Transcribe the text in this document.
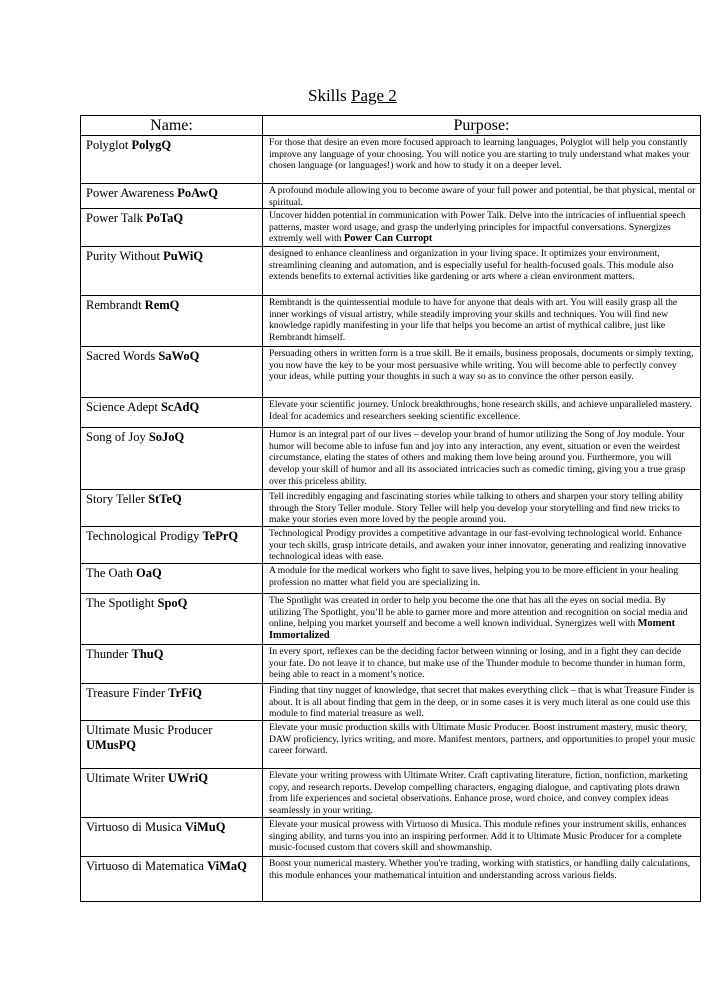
Skills Page 2
Name:	Purpose:
Polyglot PolygQ	For those that desire an even more focused approach to learning languages, Polyglot will help you constantly improve any language of your choosing. You will notice you are starting to truly understand what makes your chosen language (or languages!) work and how to study it on a deeper level.
Power Awareness PoAwQ	A profound module allowing you to become aware of your full power and potential, be that physical, mental or spiritual.
Power Talk PoTaQ	Uncover hidden potential in communication with Power Talk. Delve into the intricacies of influential speech patterns, master word usage, and grasp the underlying principles for impactful conversations. Synergizes extremly well with Power Can Curropt
Purity Without PuWiQ	designed to enhance cleanliness and organization in your living space. It optimizes your environment, streamlining cleaning and automation, and is especially useful for health-focused goals. This module also extends benefits to external activities like gardening or arts where a clean environment matters.
Rembrandt RemQ	Rembrandt is the quintessential module to have for anyone that deals with art. You will easily grasp all the inner workings of visual artistry, while steadily improving your skills and techniques. You will find new knowledge rapidly manifesting in your life that helps you become an artist of mythical calibre, just like Rembrandt himself.
Sacred Words SaWoQ	Persuading others in written form is a true skill. Be it emails, business proposals, documents or simply texting, you now have the key to be your most persuasive while writing. You will become able to perfectly convey your ideas, while putting your thoughts in such a way so as to convince the other person easily.
Science Adept ScAdQ	Elevate your scientific journey. Unlock breakthroughs, hone research skills, and achieve unparalleled mastery. Ideal for academics and researchers seeking scientific excellence.
Song of Joy SoJoQ	Humor is an integral part of our lives – develop your brand of humor utilizing the Song of Joy module. Your humor will become able to infuse fun and joy into any interaction, any event, situation or even the weirdest circumstance, elating the states of others and making them love being around you. Furthermore, you will develop your skill of humor and all its associated intricacies such as comedic timing, giving you a true grasp over this priceless ability.
Story Teller StTeQ	Tell incredibly engaging and fascinating stories while talking to others and sharpen your story telling ability through the Story Teller module. Story Teller will help you develop your storytelling and find new tricks to make your stories even more loved by the people around you.
Technological Prodigy TePrQ	Technological Prodigy provides a competitive advantage in our fast-evolving technological world. Enhance your tech skills, grasp intricate details, and awaken your inner innovator, generating and realizing innovative technological ideas with ease.
The Oath OaQ	A module for the medical workers who fight to save lives, helping you to be more efficient in your healing profession no matter what field you are specializing in.
The Spotlight SpoQ	The Spotlight was created in order to help you become the one that has all the eyes on social media. By utilizing The Spotlight, you’ll be able to garner more and more attention and recognition on social media and online, helping you market yourself and become a well known individual. Synergizes well with Moment Immortalized
Thunder ThuQ	In every sport, reflexes can be the deciding factor between winning or losing, and in a fight they can decide your fate. Do not leave it to chance, but make use of the Thunder module to become thunder in human form, being able to react in a moment’s notice.
Treasure Finder TrFiQ	Finding that tiny nugget of knowledge, that secret that makes everything click – that is what Treasure Finder is about. It is all about finding that gem in the deep, or in some cases it is very much literal as one could use this module to find material treasure as well.
Ultimate Music Producer UMusPQ	Elevate your music production skills with Ultimate Music Producer. Boost instrument mastery, music theory, DAW proficiency, lyrics writing, and more. Manifest mentors, partners, and opportunities to propel your music career forward.
Ultimate Writer UWriQ	Elevate your writing prowess with Ultimate Writer. Craft captivating literature, fiction, nonfiction, marketing copy, and research reports. Develop compelling characters, engaging dialogue, and captivating plots drawn from life experiences and societal observations. Enhance prose, word choice, and convey complex ideas seamlessly in your writing.
Virtuoso di Musica ViMuQ	Elevate your musical prowess with Virtuoso di Musica. This module refines your instrument skills, enhances singing ability, and turns you into an inspiring performer. Add it to Ultimate Music Producer for a complete music-focused custom that covers skill and showmanship.
Virtuoso di Matematica ViMaQ	Boost your numerical mastery. Whether you're trading, working with statistics, or handling daily calculations, this module enhances your mathematical intuition and understanding across various fields.
